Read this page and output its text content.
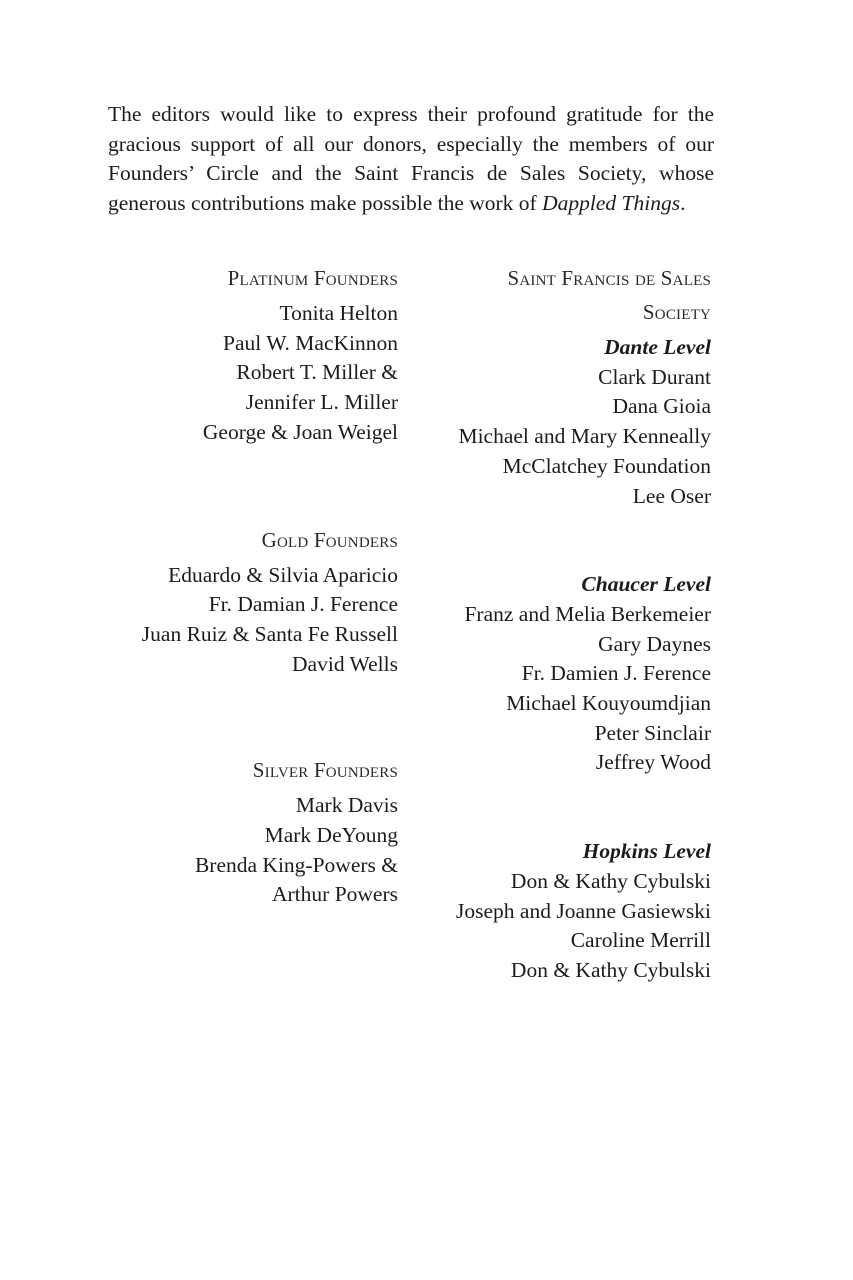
The editors would like to express their profound gratitude for the gracious support of all our donors, especially the members of our Founders’ Circle and the Saint Francis de Sales Society, whose generous contributions make possible the work of Dappled Things.

Platinum Founders
Tonita Helton
Paul W. MacKinnon
Robert T. Miller &
Jennifer L. Miller
George & Joan Weigel
Gold Founders
Eduardo & Silvia Aparicio
Fr. Damian J. Ference
Juan Ruiz & Santa Fe Russell
David Wells
Silver Founders
Mark Davis
Mark DeYoung
Brenda King-Powers &
Arthur Powers
Saint Francis de Sales
Society
Dante Level
Clark Durant
Dana Gioia
Michael and Mary Kenneally
McClatchey Foundation
Lee Oser
Chaucer Level
Franz and Melia Berkemeier
Gary Daynes
Fr. Damien J. Ference
Michael Kouyoumdjian
Peter Sinclair
Jeffrey Wood
Hopkins Level
Don & Kathy Cybulski
Joseph and Joanne Gasiewski
Caroline Merrill
Don & Kathy Cybulski
